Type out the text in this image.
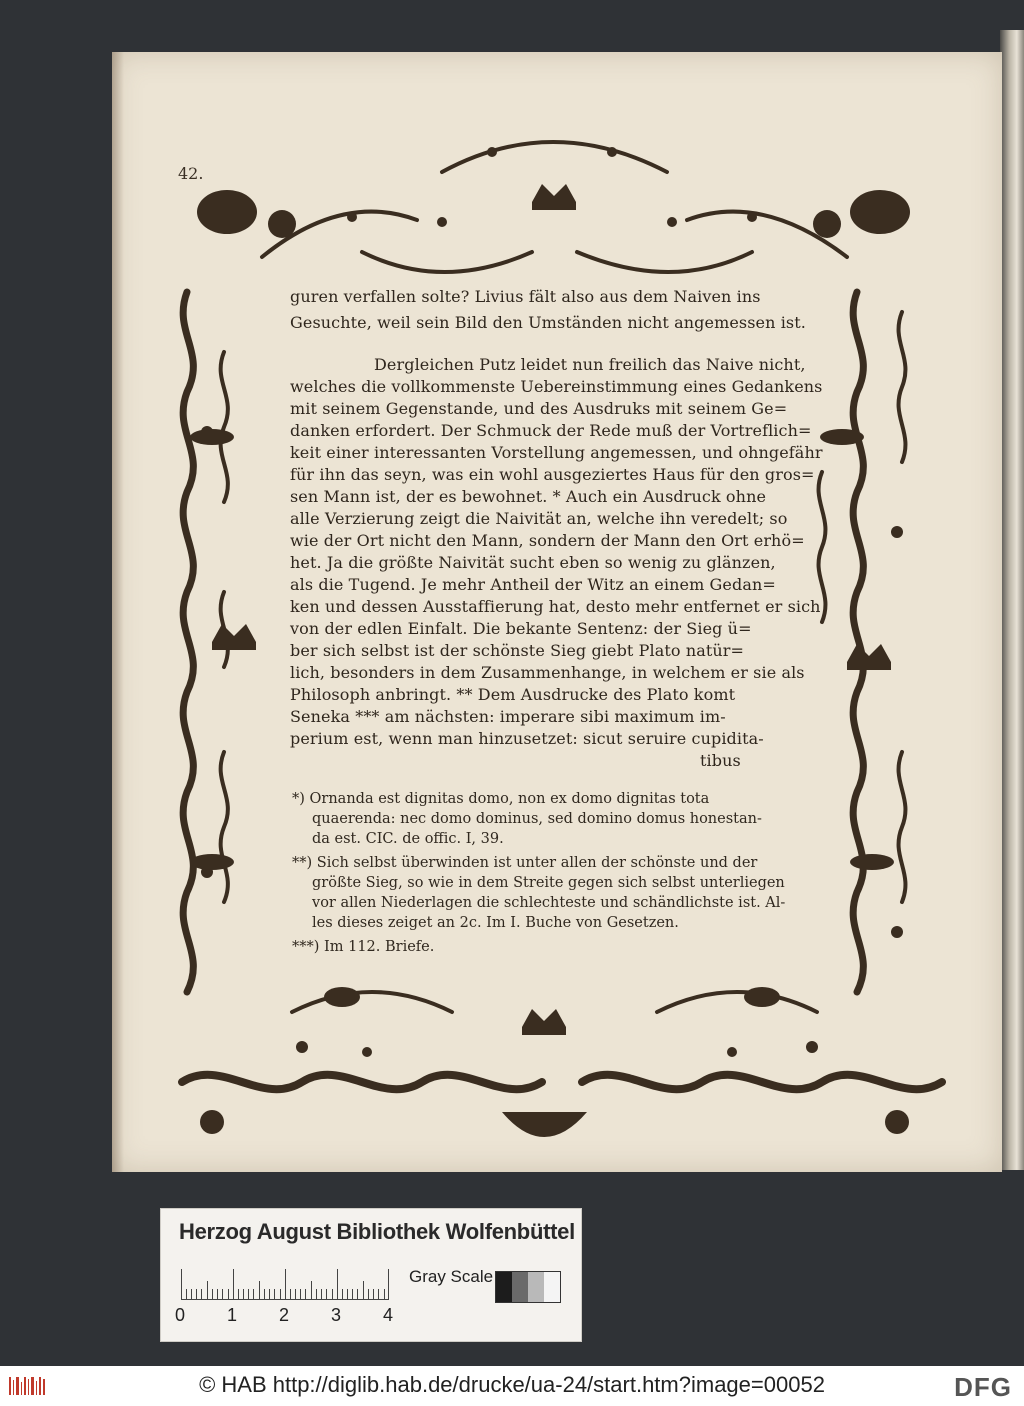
42.
guren verfallen solte? Livius fält also aus dem Naiven ins
Gesuchte, weil sein Bild den Umständen nicht angemessen ist.
Dergleichen Putz leidet nun freilich das Naive nicht,
welches die vollkommenste Uebereinstimmung eines Gedankens
mit seinem Gegenstande, und des Ausdruks mit seinem Ge=
danken erfordert. Der Schmuck der Rede muß der Vortreflich=
keit einer interessanten Vorstellung angemessen, und ohngefähr
für ihn das seyn, was ein wohl ausgeziertes Haus für den gros=
sen Mann ist, der es bewohnet. * Auch ein Ausdruck ohne
alle Verzierung zeigt die Naivität an, welche ihn veredelt; so
wie der Ort nicht den Mann, sondern der Mann den Ort erhö=
het. Ja die größte Naivität sucht eben so wenig zu glänzen,
als die Tugend. Je mehr Antheil der Witz an einem Gedan=
ken und dessen Ausstaffierung hat, desto mehr entfernet er sich
von der edlen Einfalt. Die bekante Sentenz: der Sieg ü=
ber sich selbst ist der schönste Sieg giebt Plato natür=
lich, besonders in dem Zusammenhange, in welchem er sie als
Philosoph anbringt. ** Dem Ausdrucke des Plato komt
Seneka *** am nächsten: imperare sibi maximum im-
perium est, wenn man hinzusetzet: sicut seruire cupidita-
tibus
*) Ornanda est dignitas domo, non ex domo dignitas tota
quaerenda: nec domo dominus, sed domino domus honestan-
da est. CIC. de offic. I, 39.
**) Sich selbst überwinden ist unter allen der schönste und der
größte Sieg, so wie in dem Streite gegen sich selbst unterliegen
vor allen Niederlagen die schlechteste und schändlichste ist. Al-
les dieses zeiget an 2c. Im I. Buche von Gesetzen.
***) Im 112. Briefe.
Herzog August Bibliothek Wolfenbüttel
0 1 2 3 4
Gray Scale
© HAB http://diglib.hab.de/drucke/ua-24/start.htm?image=00052	DFG
